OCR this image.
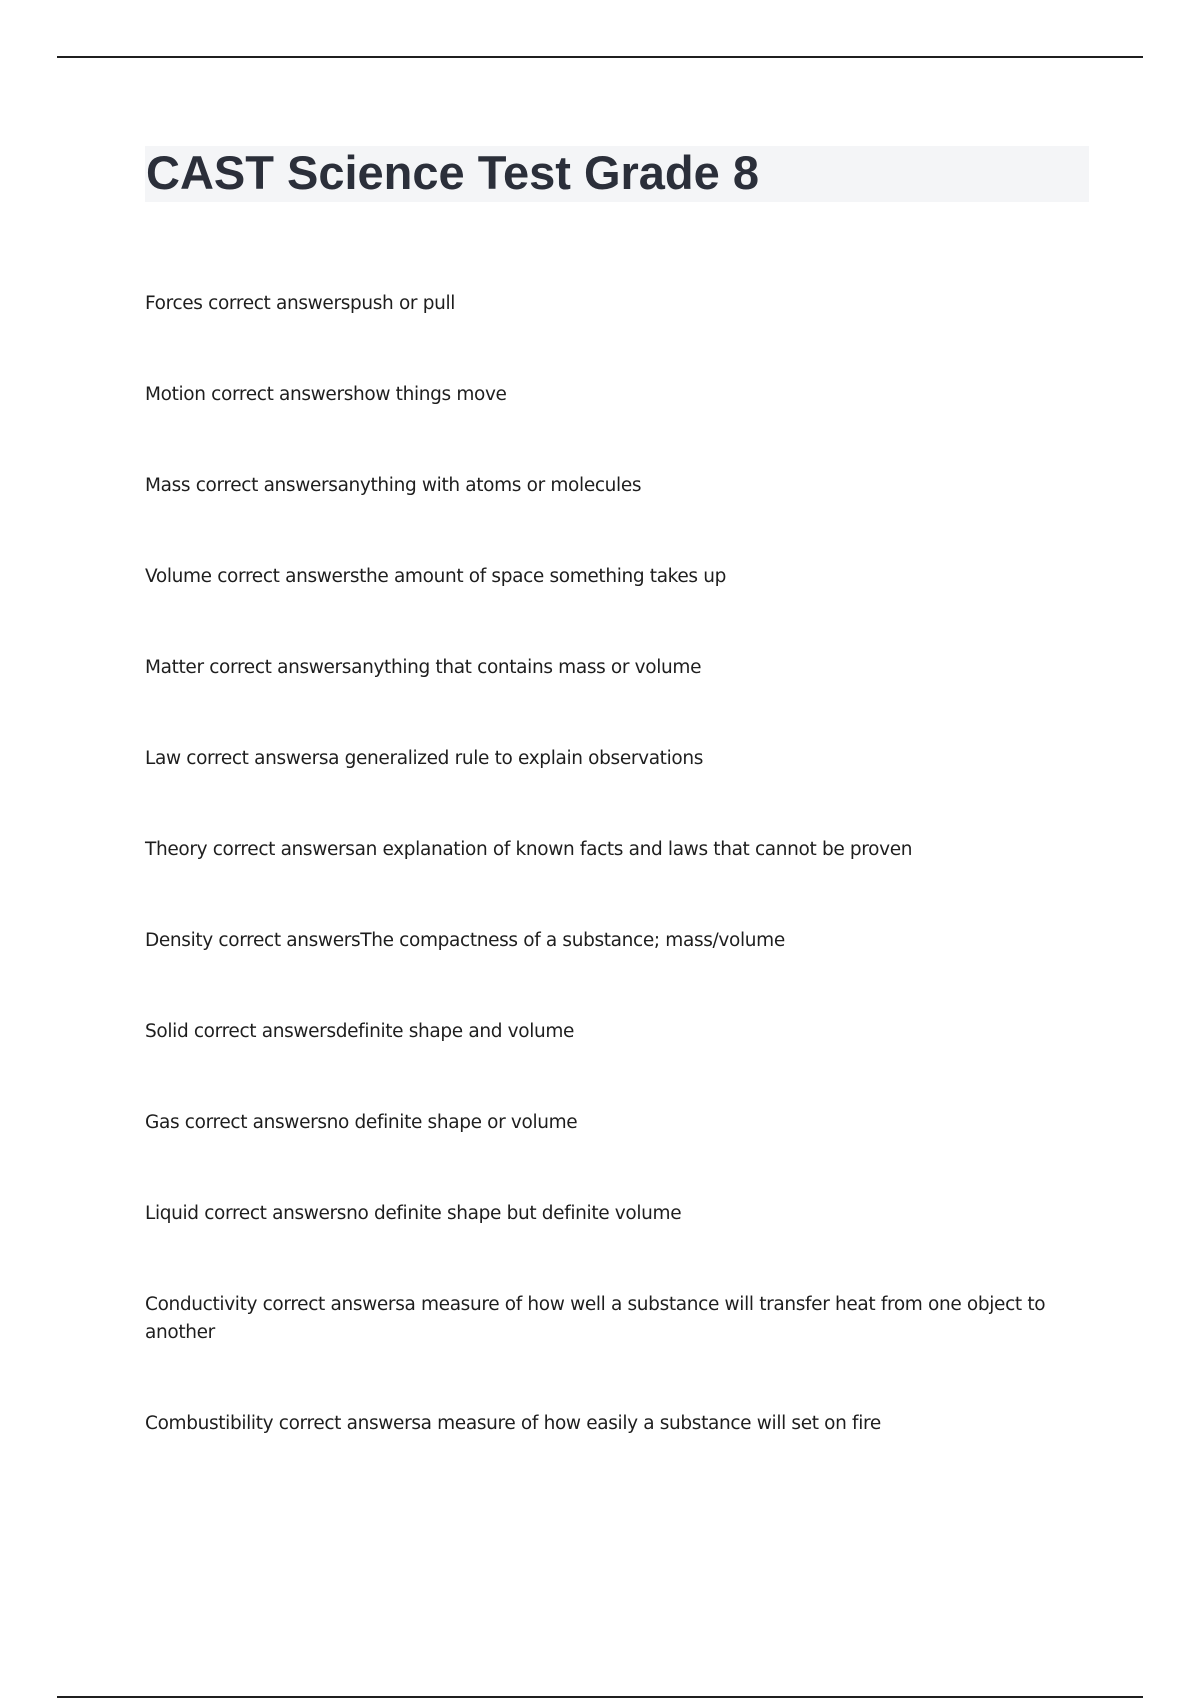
CAST Science Test Grade 8
Forces correct answerspush or pull
Motion correct answershow things move
Mass correct answersanything with atoms or molecules
Volume correct answersthe amount of space something takes up
Matter correct answersanything that contains mass or volume
Law correct answersa generalized rule to explain observations
Theory correct answersan explanation of known facts and laws that cannot be proven
Density correct answersThe compactness of a substance; mass/volume
Solid correct answersdefinite shape and volume
Gas correct answersno definite shape or volume
Liquid correct answersno definite shape but definite volume
Conductivity correct answersa measure of how well a substance will transfer heat from one object to another
Combustibility correct answersa measure of how easily a substance will set on fire
